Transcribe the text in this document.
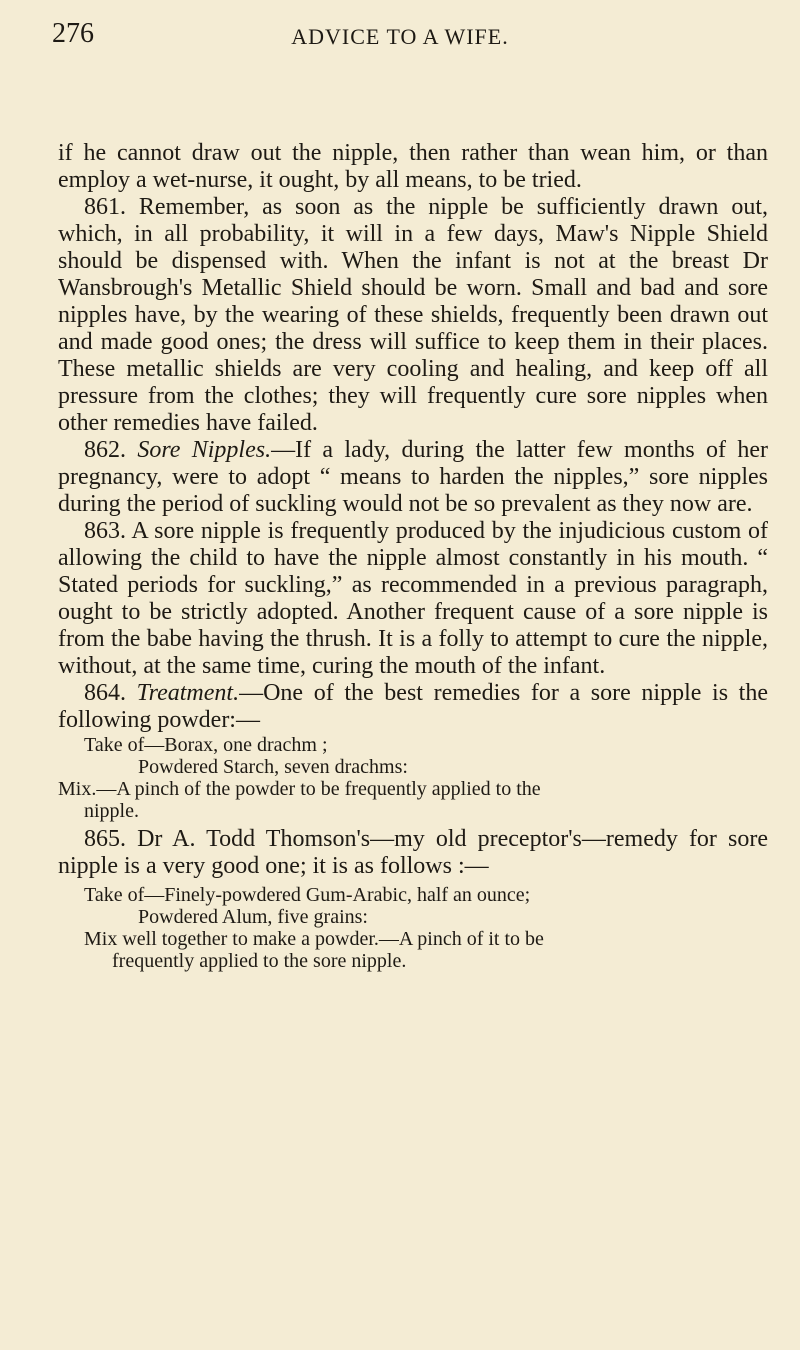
276	ADVICE TO A WIFE.

if he cannot draw out the nipple, then rather than wean him, or than employ a wet-nurse, it ought, by all means, to be tried.

861. Remember, as soon as the nipple be sufficiently drawn out, which, in all probability, it will in a few days, Maw's Nipple Shield should be dispensed with. When the infant is not at the breast Dr Wansbrough's Metallic Shield should be worn. Small and bad and sore nipples have, by the wearing of these shields, frequently been drawn out and made good ones; the dress will suffice to keep them in their places. These metallic shields are very cooling and healing, and keep off all pressure from the clothes; they will frequently cure sore nipples when other remedies have failed.

862. Sore Nipples.—If a lady, during the latter few months of her pregnancy, were to adopt “ means to harden the nipples,” sore nipples during the period of suckling would not be so prevalent as they now are.

863. A sore nipple is frequently produced by the injudicious custom of allowing the child to have the nipple almost constantly in his mouth. “ Stated periods for suckling,” as recommended in a previous paragraph, ought to be strictly adopted. Another frequent cause of a sore nipple is from the babe having the thrush. It is a folly to attempt to cure the nipple, without, at the same time, curing the mouth of the infant.

864. Treatment.—One of the best remedies for a sore nipple is the following powder:—

Take of—Borax, one drachm ;
Powdered Starch, seven drachms:
Mix.—A pinch of the powder to be frequently applied to the
nipple.

865. Dr A. Todd Thomson's—my old preceptor's—remedy for sore nipple is a very good one; it is as follows :—

Take of—Finely-powdered Gum-Arabic, half an ounce;
Powdered Alum, five grains:
Mix well together to make a powder.—A pinch of it to be
frequently applied to the sore nipple.
